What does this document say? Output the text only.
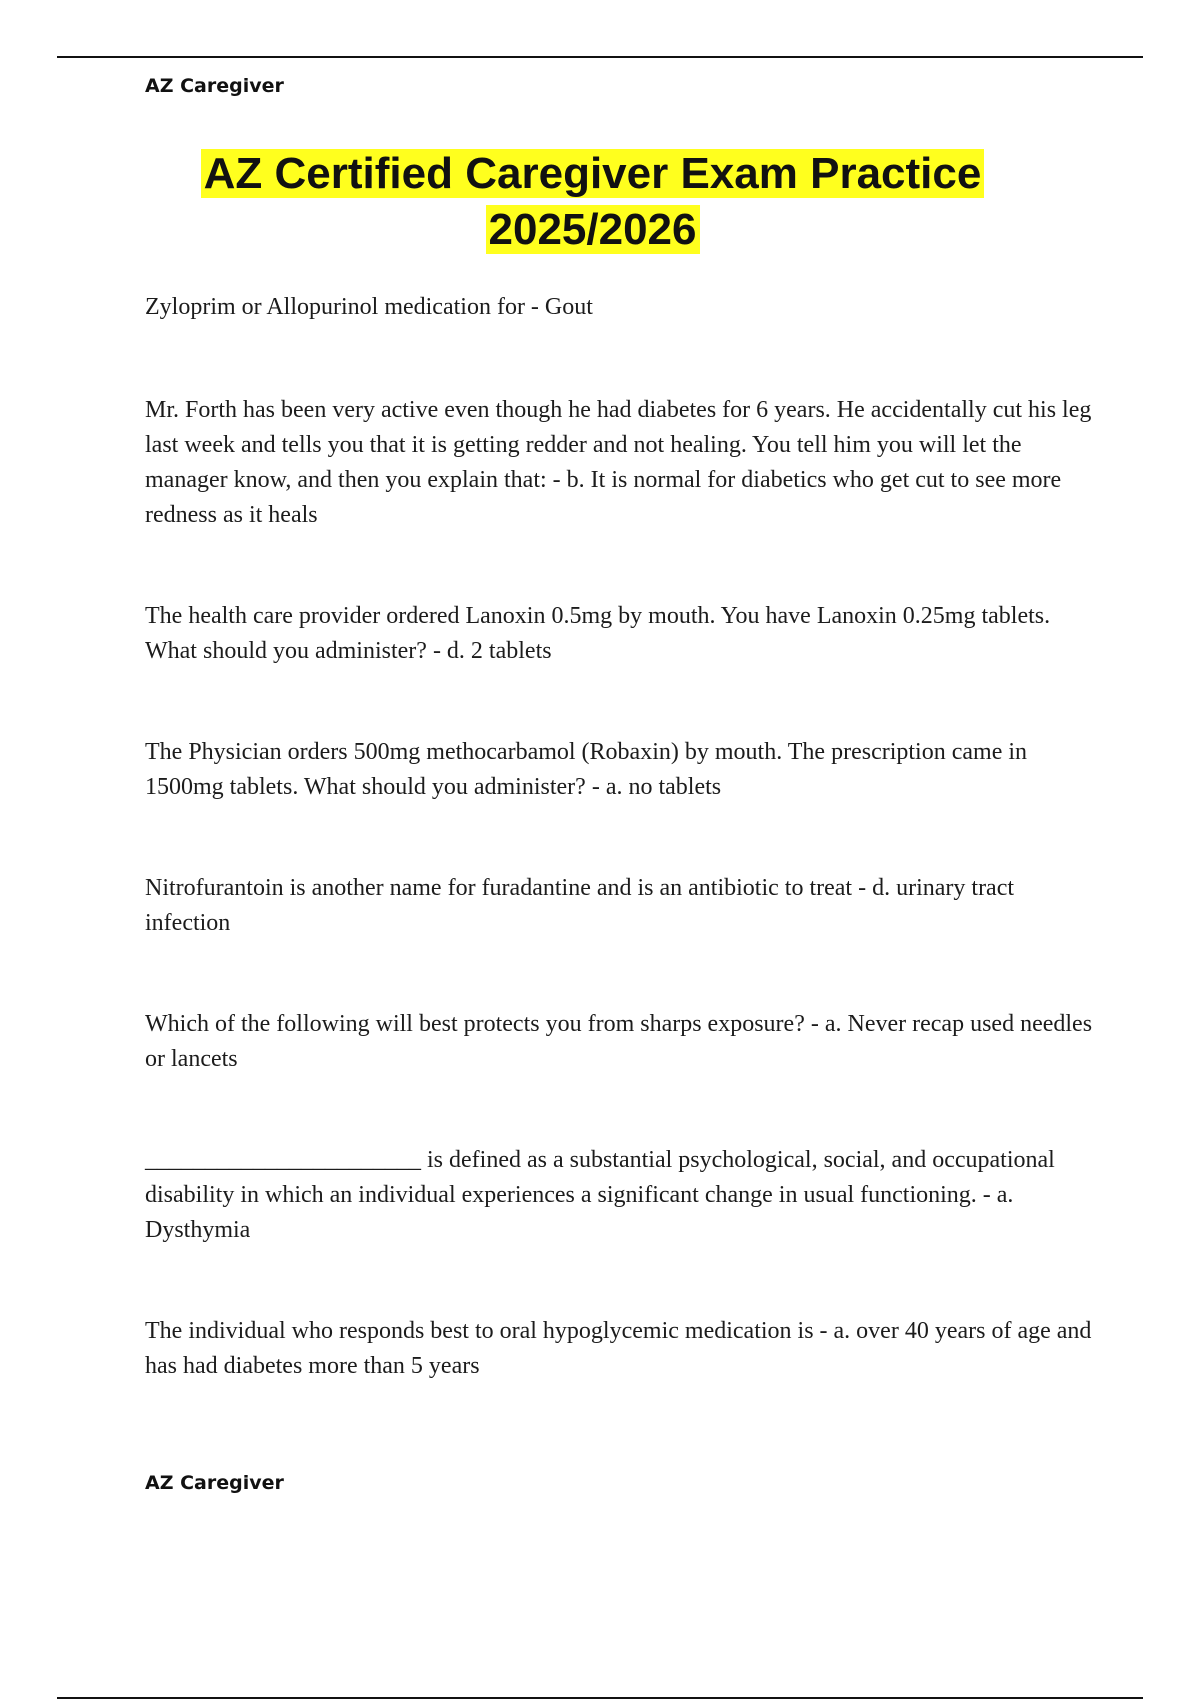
AZ Caregiver
AZ Certified Caregiver Exam Practice
2025/2026

Zyloprim or Allopurinol medication for - Gout

Mr. Forth has been very active even though he had diabetes for 6 years. He accidentally cut his leg last week and tells you that it is getting redder and not healing. You tell him you will let the manager know, and then you explain that: - b. It is normal for diabetics who get cut to see more redness as it heals

The health care provider ordered Lanoxin 0.5mg by mouth. You have Lanoxin 0.25mg tablets. What should you administer? - d. 2 tablets

The Physician orders 500mg methocarbamol (Robaxin) by mouth. The prescription came in 1500mg tablets. What should you administer? - a. no tablets

Nitrofurantoin is another name for furadantine and is an antibiotic to treat - d. urinary tract infection

Which of the following will best protects you from sharps exposure? - a. Never recap used needles or lancets

_______________________ is defined as a substantial psychological, social, and occupational disability in which an individual experiences a significant change in usual functioning. - a. Dysthymia

The individual who responds best to oral hypoglycemic medication is - a. over 40 years of age and has had diabetes more than 5 years

AZ Caregiver
